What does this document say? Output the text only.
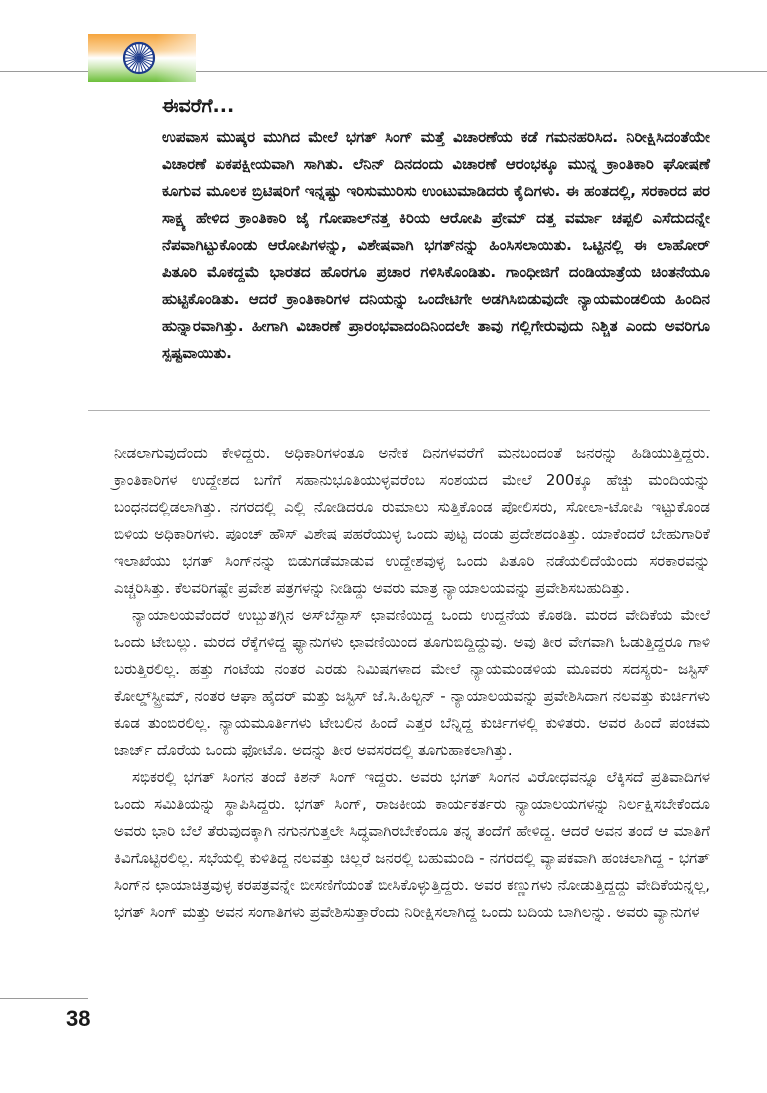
ಈವರೆಗೆ...

ಉಪವಾಸ ಮುಷ್ಕರ ಮುಗಿದ ಮೇಲೆ ಭಗತ್ ಸಿಂಗ್ ಮತ್ತೆ ವಿಚಾರಣೆಯ ಕಡೆ ಗಮನಹರಿಸಿದ. ನಿರೀಕ್ಷಿಸಿದಂತೆಯೇ ವಿಚಾರಣೆ ಏಕಪಕ್ಷೀಯವಾಗಿ ಸಾಗಿತು. ಲೆನಿನ್ ದಿನದಂದು ವಿಚಾರಣೆ ಆರಂಭಕ್ಕೂ ಮುನ್ನ ಕ್ರಾಂತಿಕಾರಿ ಘೋಷಣೆ ಕೂಗುವ ಮೂಲಕ ಬ್ರಿಟಿಷರಿಗೆ ಇನ್ನಷ್ಟು ಇರಿಸುಮುರಿಸು ಉಂಟುಮಾಡಿದರು ಕೈದಿಗಳು. ಈ ಹಂತದಲ್ಲಿ, ಸರಕಾರದ ಪರ ಸಾಕ್ಷ್ಯ ಹೇಳಿದ ಕ್ರಾಂತಿಕಾರಿ ಜೈ ಗೋಪಾಲ್‌ನತ್ತ ಕಿರಿಯ ಆರೋಪಿ ಪ್ರೇಮ್ ದತ್ತ ವರ್ಮಾ ಚಪ್ಪಲಿ ಎಸೆದುದನ್ನೇ ನೆಪವಾಗಿಟ್ಟುಕೊಂಡು ಆರೋಪಿಗಳನ್ನು, ವಿಶೇಷವಾಗಿ ಭಗತ್‌ನನ್ನು ಹಿಂಸಿಸಲಾಯಿತು. ಒಟ್ಟಿನಲ್ಲಿ ಈ ಲಾಹೋರ್ ಪಿತೂರಿ ಮೊಕದ್ದಮೆ ಭಾರತದ ಹೊರಗೂ ಪ್ರಚಾರ ಗಳಿಸಿಕೊಂಡಿತು. ಗಾಂಧೀಜಿಗೆ ದಂಡಿಯಾತ್ರೆಯ ಚಿಂತನೆಯೂ ಹುಟ್ಟಿಕೊಂಡಿತು. ಆದರೆ ಕ್ರಾಂತಿಕಾರಿಗಳ ದನಿಯನ್ನು ಒಂದೇಟಿಗೇ ಅಡಗಿಸಿಬಿಡುವುದೇ ನ್ಯಾಯಮಂಡಲಿಯ ಹಿಂದಿನ ಹುನ್ನಾರವಾಗಿತ್ತು. ಹೀಗಾಗಿ ವಿಚಾರಣೆ ಪ್ರಾರಂಭವಾದಂದಿನಿಂದಲೇ ತಾವು ಗಲ್ಲಿಗೇರುವುದು ನಿಶ್ಚಿತ ಎಂದು ಅವರಿಗೂ ಸ್ಪಷ್ಟವಾಯಿತು.

ನೀಡಲಾಗುವುದೆಂದು ಕೇಳಿದ್ದರು. ಅಧಿಕಾರಿಗಳಂತೂ ಅನೇಕ ದಿನಗಳವರೆಗೆ ಮನಬಂದಂತೆ ಜನರನ್ನು ಹಿಡಿಯುತ್ತಿದ್ದರು. ಕ್ರಾಂತಿಕಾರಿಗಳ ಉದ್ದೇಶದ ಬಗೆಗೆ ಸಹಾನುಭೂತಿಯುಳ್ಳವರೆಂಬ ಸಂಶಯದ ಮೇಲೆ 200ಕ್ಕೂ ಹೆಚ್ಚು ಮಂದಿಯನ್ನು ಬಂಧನದಲ್ಲಿಡಲಾಗಿತ್ತು. ನಗರದಲ್ಲಿ ಎಲ್ಲಿ ನೋಡಿದರೂ ರುಮಾಲು ಸುತ್ತಿಕೊಂಡ ಪೋಲಿಸರು, ಸೋಲಾ-ಟೋಪಿ ಇಟ್ಟುಕೊಂಡ ಬಿಳಿಯ ಅಧಿಕಾರಿಗಳು. ಪೂಂಚ್ ಹೌಸ್ ವಿಶೇಷ ಪಹರೆಯುಳ್ಳ ಒಂದು ಪುಟ್ಟ ದಂಡು ಪ್ರದೇಶದಂತಿತ್ತು. ಯಾಕೆಂದರೆ ಬೇಹುಗಾರಿಕೆ ಇಲಾಖೆಯು ಭಗತ್ ಸಿಂಗ್‌ನನ್ನು ಬಿಡುಗಡೆಮಾಡುವ ಉದ್ದೇಶವುಳ್ಳ ಒಂದು ಪಿತೂರಿ ನಡೆಯಲಿದೆಯೆಂದು ಸರಕಾರವನ್ನು ಎಚ್ಚರಿಸಿತ್ತು. ಕೆಲವರಿಗಷ್ಟೇ ಪ್ರವೇಶ ಪತ್ರಗಳನ್ನು ನೀಡಿದ್ದು ಅವರು ಮಾತ್ರ ನ್ಯಾಯಾಲಯವನ್ನು ಪ್ರವೇಶಿಸಬಹುದಿತ್ತು.

ನ್ಯಾಯಾಲಯವೆಂದರೆ ಉಬ್ಬುತಗ್ಗಿನ ಅಸ್‌ಬೆಸ್ಟಾಸ್ ಛಾವಣಿಯಿದ್ದ ಒಂದು ಉದ್ದನೆಯ ಕೊಠಡಿ. ಮರದ ವೇದಿಕೆಯ ಮೇಲೆ ಒಂದು ಟೇಬಲ್ಲು. ಮರದ ರೆಕ್ಕೆಗಳಿದ್ದ ಫ್ಯಾನುಗಳು ಛಾವಣಿಯಿಂದ ತೂಗುಬಿದ್ದಿದ್ದುವು. ಅವು ತೀರ ವೇಗವಾಗಿ ಓಡುತ್ತಿದ್ದರೂ ಗಾಳಿ ಬರುತ್ತಿರಲಿಲ್ಲ. ಹತ್ತು ಗಂಟೆಯ ನಂತರ ಎರಡು ನಿಮಿಷಗಳಾದ ಮೇಲೆ ನ್ಯಾಯಮಂಡಳಿಯ ಮೂವರು ಸದಸ್ಯರು- ಜಸ್ಟಿಸ್ ಕೋಲ್ಡ್‌ಸ್ಟ್ರೀಮ್, ನಂತರ ಆಘಾ ಹೈದರ್ ಮತ್ತು ಜಸ್ಟಿಸ್ ಜೆ.ಸಿ.ಹಿಲ್ಟನ್ - ನ್ಯಾಯಾಲಯವನ್ನು ಪ್ರವೇಶಿಸಿದಾಗ ನಲವತ್ತು ಕುರ್ಚಿಗಳು ಕೂಡ ತುಂಬಿರಲಿಲ್ಲ. ನ್ಯಾಯಮೂರ್ತಿಗಳು ಟೇಬಲಿನ ಹಿಂದೆ ಎತ್ತರ ಬೆನ್ನಿದ್ದ ಕುರ್ಚಿಗಳಲ್ಲಿ ಕುಳಿತರು. ಅವರ ಹಿಂದೆ ಪಂಚಮ ಜಾರ್ಜ್ ದೊರೆಯ ಒಂದು ಫೋಟೊ. ಅದನ್ನು ತೀರ ಅವಸರದಲ್ಲಿ ತೂಗುಹಾಕಲಾಗಿತ್ತು.

ಸಭಿಕರಲ್ಲಿ ಭಗತ್ ಸಿಂಗನ ತಂದೆ ಕಿಶನ್ ಸಿಂಗ್ ಇದ್ದರು. ಅವರು ಭಗತ್ ಸಿಂಗನ ವಿರೋಧವನ್ನೂ ಲೆಕ್ಕಿಸದೆ ಪ್ರತಿವಾದಿಗಳ ಒಂದು ಸಮಿತಿಯನ್ನು ಸ್ಥಾಪಿಸಿದ್ದರು. ಭಗತ್ ಸಿಂಗ್, ರಾಜಕೀಯ ಕಾರ್ಯಕರ್ತರು ನ್ಯಾಯಾಲಯಗಳನ್ನು ನಿರ್ಲಕ್ಷಿಸಬೇಕೆಂದೂ ಅವರು ಭಾರಿ ಬೆಲೆ ತೆರುವುದಕ್ಕಾಗಿ ನಗುನಗುತ್ತಲೇ ಸಿದ್ಧವಾಗಿರಬೇಕೆಂದೂ ತನ್ನ ತಂದೆಗೆ ಹೇಳಿದ್ದ. ಆದರೆ ಅವನ ತಂದೆ ಆ ಮಾತಿಗೆ ಕಿವಿಗೊಟ್ಟಿರಲಿಲ್ಲ. ಸಭೆಯಲ್ಲಿ ಕುಳಿತಿದ್ದ ನಲವತ್ತು ಚಿಲ್ಲರೆ ಜನರಲ್ಲಿ ಬಹುಮಂದಿ - ನಗರದಲ್ಲಿ ವ್ಯಾಪಕವಾಗಿ ಹಂಚಲಾಗಿದ್ದ - ಭಗತ್ ಸಿಂಗ್‌ನ ಛಾಯಾಚಿತ್ರವುಳ್ಳ ಕರಪತ್ರವನ್ನೇ ಬೀಸಣಿಗೆಯಂತೆ ಬೀಸಿಕೊಳ್ಳುತ್ತಿದ್ದರು. ಅವರ ಕಣ್ಣುಗಳು ನೋಡುತ್ತಿದ್ದದ್ದು ವೇದಿಕೆಯನ್ನಲ್ಲ, ಭಗತ್ ಸಿಂಗ್ ಮತ್ತು ಅವನ ಸಂಗಾತಿಗಳು ಪ್ರವೇಶಿಸುತ್ತಾರೆಂದು ನಿರೀಕ್ಷಿಸಲಾಗಿದ್ದ ಒಂದು ಬದಿಯ ಬಾಗಿಲನ್ನು. ಅವರು ವ್ಯಾನುಗಳ

38
